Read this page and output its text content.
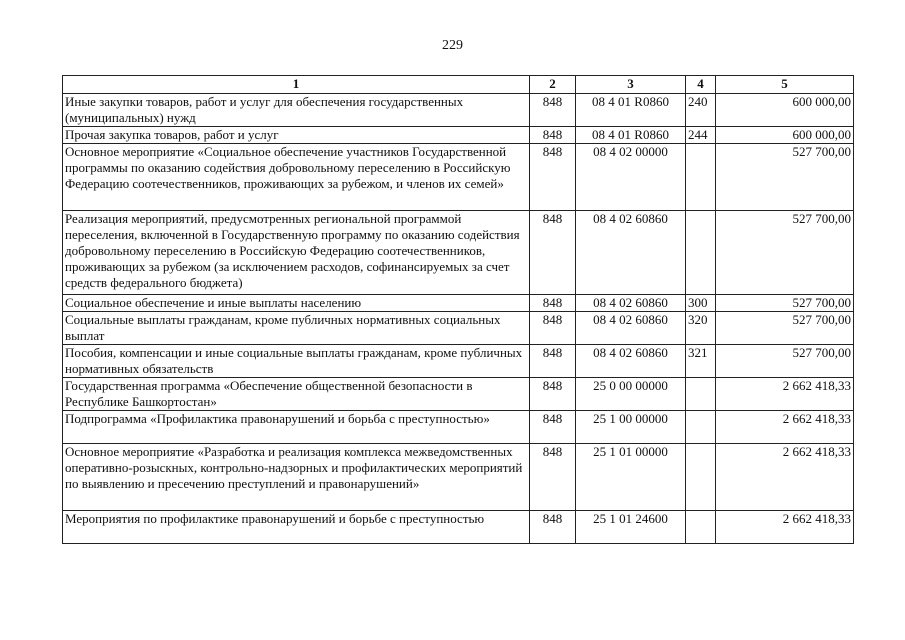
229
1	2	3	4	5
Иные закупки товаров, работ и услуг для обеспечения государственных (муниципальных) нужд	848	08 4 01 R0860	240	600 000,00
Прочая закупка товаров, работ и услуг	848	08 4 01 R0860	244	600 000,00
Основное мероприятие «Социальное обеспечение участников Государственной программы по оказанию содействия добровольному переселению в Российскую Федерацию соотечественников, проживающих за рубежом, и членов их семей»	848	08 4 02 00000		527 700,00
Реализация мероприятий, предусмотренных региональной программой переселения, включенной в Государственную программу по оказанию содействия добровольному переселению в Российскую Федерацию соотечественников, проживающих за рубежом (за исключением расходов, софинансируемых за счет средств федерального бюджета)	848	08 4 02 60860		527 700,00
Социальное обеспечение и иные выплаты населению	848	08 4 02 60860	300	527 700,00
Социальные выплаты гражданам, кроме публичных нормативных социальных выплат	848	08 4 02 60860	320	527 700,00
Пособия, компенсации и иные социальные выплаты гражданам, кроме публичных нормативных обязательств	848	08 4 02 60860	321	527 700,00
Государственная программа «Обеспечение общественной безопасности в Республике Башкортостан»	848	25 0 00 00000		2 662 418,33
Подпрограмма «Профилактика правонарушений и борьба с преступностью»	848	25 1 00 00000		2 662 418,33
Основное мероприятие «Разработка и реализация комплекса межведомственных оперативно-розыскных, контрольно-надзорных и профилактических мероприятий по выявлению и пресечению преступлений и правонарушений»	848	25 1 01 00000		2 662 418,33
Мероприятия по профилактике правонарушений и борьбе с преступностью	848	25 1 01 24600		2 662 418,33
